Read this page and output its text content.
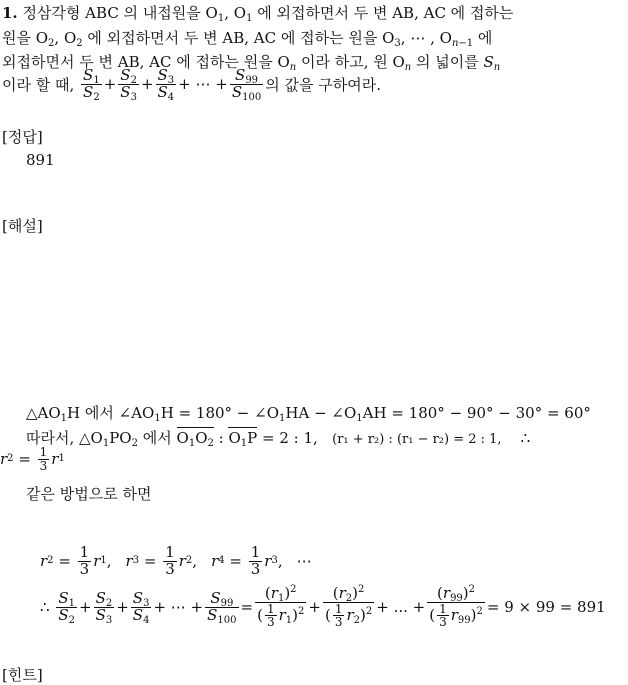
1. 정삼각형 ABC 의 내접원을 $O_1$, $O_1$ 에 외접하면서 두 변 AB, AC 에 접하는
원을 $O_2$, $O_2$ 에 외접하면서 두 변 AB, AC 에 접하는 원을 $O_3$, ⋯ , $O_{n-1}$ 에
외접하면서 두 변 AB, AC 에 접하는 원을 $O_n$ 이라 하고, 원 $O_n$ 의 넓이를 $S_n$
이라 할 때,
$\frac{S_1}{S_2} + \frac{S_2}{S_3} + \frac{S_3}{S_4}$ + ⋯ + $\frac{S_{99}}{S_{100}}$ 의 값을 구하여라.
[정답]
891
[해설]
$\triangle AO_1H$ 에서 $\angle AO_1H = 180^\circ$ − $\angle O_1HA$ − $\angle O_1AH = 180^\circ - 90^\circ - 30^\circ = 60^\circ$
따라서, $\triangle O_1PO_2$ 에서 $O_1O_2$ : $O_1P = 2$ : 1, (r₁ + r₂) : (r₁ − r₂) = 2 : 1, ∴
r $2 = \frac{1}{3}$ r 1
같은 방법으로 하면
r $2 = \frac{1}{3}$ r 1 , r $3 = \frac{1}{3}$ r 2 , r $4 = \frac{1}{3}$ r 3 , ⋯
∴
$\frac{S_1}{S_2} + \frac{S_2}{S_3} + \frac{S_3}{S_4}$ + ⋯ + $\frac{S_{99}}{S_{100}} = \frac{(r_1)^2}{( \frac{1}{3} r_1)^2} + \frac{(r_2)^2}{( \frac{1}{3} r_2)^2}$ + ... + $\frac{(r_{99})^2}{( \frac{1}{3} r_{99})^2} = 9 \times 99 = 891$
[힌트]
